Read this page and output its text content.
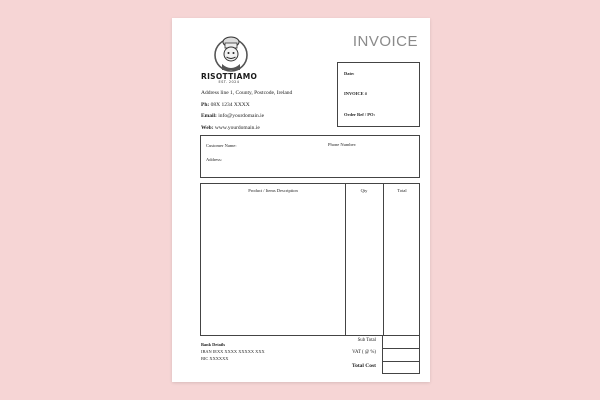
RISOTTIAMO
EST. 2024
INVOICE
Address line 1, County, Postcode, Ireland
Ph: 08X 1234 XXXX
Email: info@yourdomain.ie
Web: www.yourdomain.ie
Date:
INVOICE #
Order Ref / PO:
Customer Name:	Phone Number:
Address:
Product / Items Description	Qty	Total
Sub Total
VAT ( @ %)
Total Cost
Bank Details
IBAN IEXX XXXX XXXXX XXX
BIC XXXXXX
